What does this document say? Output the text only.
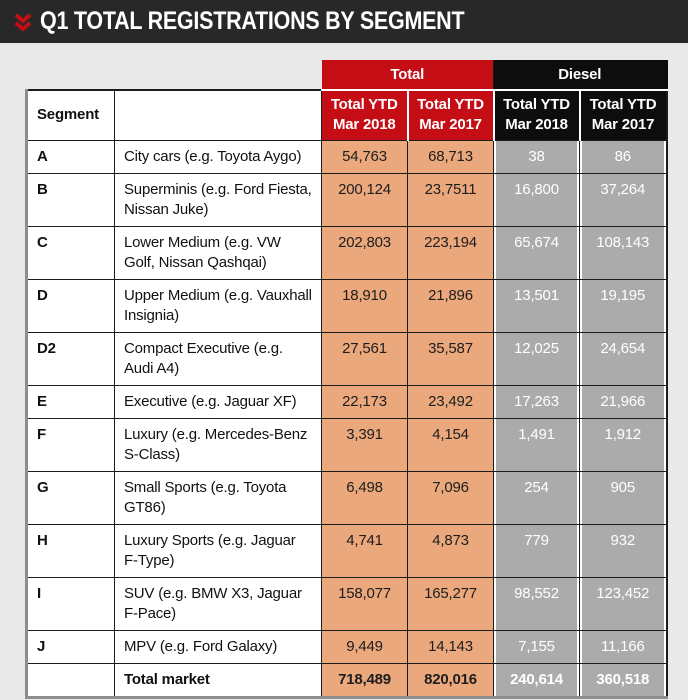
Q1 TOTAL REGISTRATIONS BY SEGMENT
		Total		Diesel	
Segment		Total YTD Mar 2018	Total YTD Mar 2017	Total YTD Mar 2018	Total YTD Mar 2017
A	City cars (e.g. Toyota Aygo)	54,763	68,713	38	86
B	Superminis (e.g. Ford Fiesta, Nissan Juke)	200,124	23,7511	16,800	37,264
C	Lower Medium (e.g. VW Golf, Nissan Qashqai)	202,803	223,194	65,674	108,143
D	Upper Medium (e.g. Vauxhall Insignia)	18,910	21,896	13,501	19,195
D2	Compact Executive (e.g. Audi A4)	27,561	35,587	12,025	24,654
E	Executive (e.g. Jaguar XF)	22,173	23,492	17,263	21,966
F	Luxury (e.g. Mercedes-Benz S-Class)	3,391	4,154	1,491	1,912
G	Small Sports (e.g. Toyota GT86)	6,498	7,096	254	905
H	Luxury Sports (e.g. Jaguar F-Type)	4,741	4,873	779	932
I	SUV (e.g. BMW X3, Jaguar F-Pace)	158,077	165,277	98,552	123,452
J	MPV (e.g. Ford Galaxy)	9,449	14,143	7,155	11,166
	Total market	718,489	820,016	240,614	360,518
